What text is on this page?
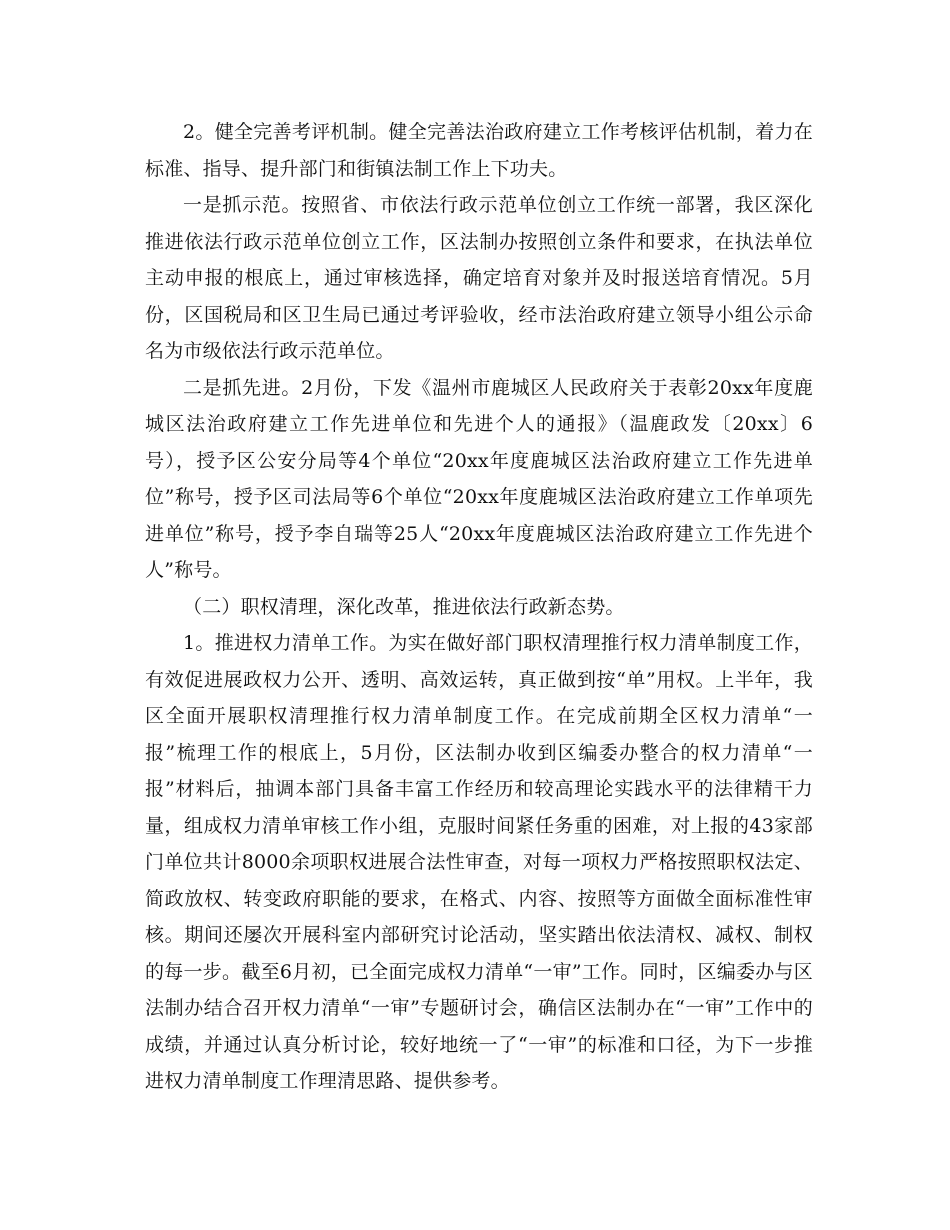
2。健全完善考评机制。健全完善法治政府建立工作考核评估机制，着力在标准、指导、提升部门和街镇法制工作上下功夫。

一是抓示范。按照省、市依法行政示范单位创立工作统一部署，我区深化推进依法行政示范单位创立工作，区法制办按照创立条件和要求，在执法单位主动申报的根底上，通过审核选择，确定培育对象并及时报送培育情况。5月份，区国税局和区卫生局已通过考评验收，经市法治政府建立领导小组公示命名为市级依法行政示范单位。

二是抓先进。2月份，下发《温州市鹿城区人民政府关于表彰20xx年度鹿城区法治政府建立工作先进单位和先进个人的通报》（温鹿政发〔20xx〕6号），授予区公安分局等4个单位“20xx年度鹿城区法治政府建立工作先进单位”称号，授予区司法局等6个单位“20xx年度鹿城区法治政府建立工作单项先进单位”称号，授予李自瑞等25人“20xx年度鹿城区法治政府建立工作先进个人”称号。

（二）职权清理，深化改革，推进依法行政新态势。

1。推进权力清单工作。为实在做好部门职权清理推行权力清单制度工作，有效促进展政权力公开、透明、高效运转，真正做到按“单”用权。上半年，我区全面开展职权清理推行权力清单制度工作。在完成前期全区权力清单“一报”梳理工作的根底上，5月份，区法制办收到区编委办整合的权力清单“一报”材料后，抽调本部门具备丰富工作经历和较高理论实践水平的法律精干力量，组成权力清单审核工作小组，克服时间紧任务重的困难，对上报的43家部门单位共计8000余项职权进展合法性审查，对每一项权力严格按照职权法定、简政放权、转变政府职能的要求，在格式、内容、按照等方面做全面标准性审核。期间还屡次开展科室内部研究讨论活动，坚实踏出依法清权、减权、制权的每一步。截至6月初，已全面完成权力清单“一审”工作。同时，区编委办与区法制办结合召开权力清单“一审”专题研讨会，确信区法制办在“一审”工作中的成绩，并通过认真分析讨论，较好地统一了“一审”的标准和口径，为下一步推进权力清单制度工作理清思路、提供参考。
